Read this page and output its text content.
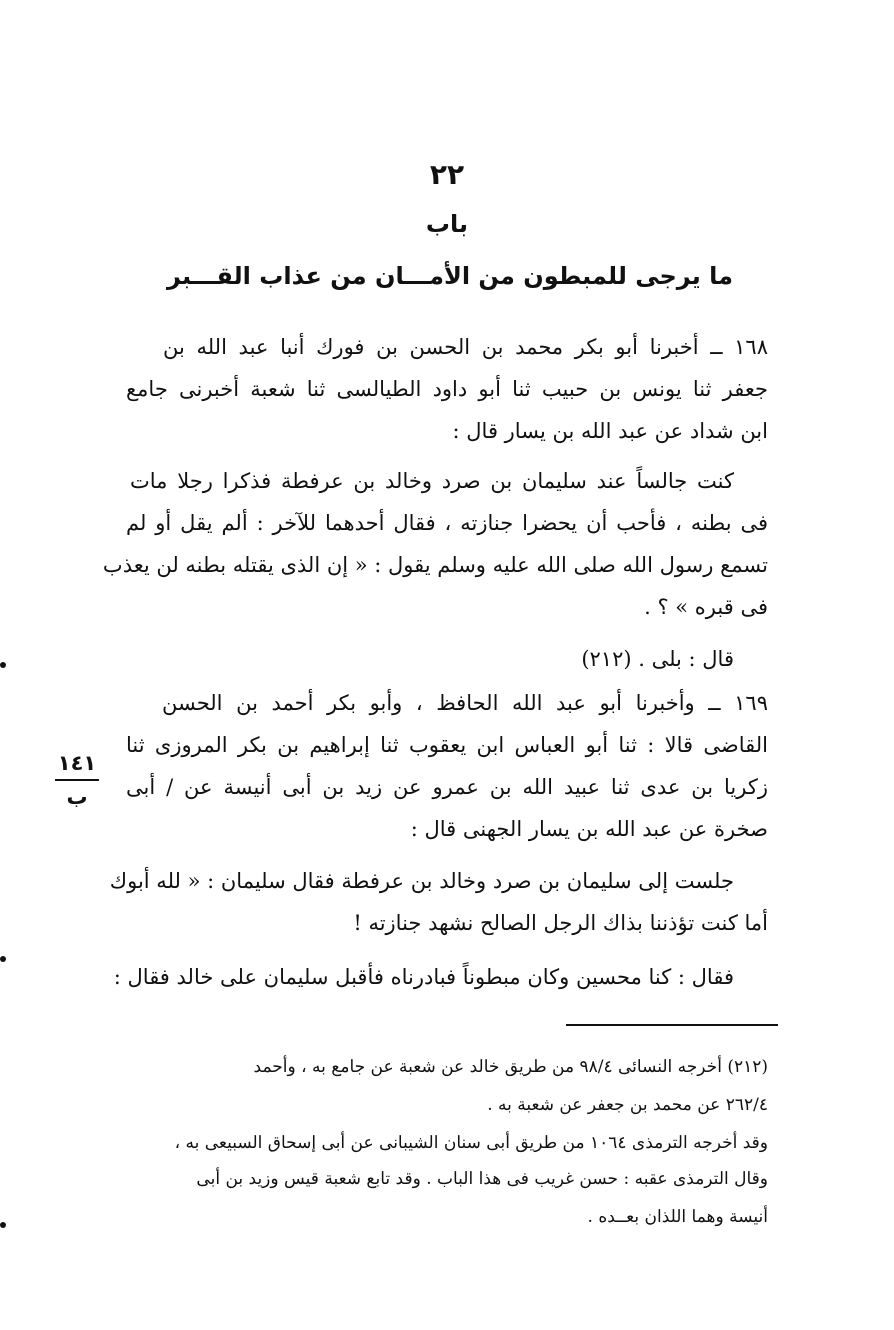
٢٢
باب
ما يرجى للمبطون من الأمـــان من عذاب القـــبر
١٦٨ ــ أخبرنا أبو بكر محمد بن الحسن بن فورك أنبا عبد الله بن
جعفر ثنا يونس بن حبيب ثنا أبو داود الطيالسى ثنا شعبة أخبرنى جامع
ابن شداد عن عبد الله بن يسار قال :
كنت جالساً عند سليمان بن صرد وخالد بن عرفطة فذكرا رجلا مات
فى بطنه ، فأحب أن يحضرا جنازته ، فقال أحدهما للآخر : ألم يقل أو لم
تسمع رسول الله صلى الله عليه وسلم يقول : « إن الذى يقتله بطنه لن يعذب
فى قبره » ؟ .
قال : بلى . (٢١٢)
١٦٩ ــ وأخبرنا أبو عبد الله الحافظ ، وأبو بكر أحمد بن الحسن
القاضى قالا : ثنا أبو العباس ابن يعقوب ثنا إبراهيم بن بكر المروزى ثنا
زكريا بن عدى ثنا عبيد الله بن عمرو عن زيد بن أبى أنيسة عن / أبى
صخرة عن عبد الله بن يسار الجهنى قال :
جلست إلى سليمان بن صرد وخالد بن عرفطة فقال سليمان : « لله أبوك
أما كنت تؤذننا بذاك الرجل الصالح نشهد جنازته !
فقال : كنا محسين وكان مبطوناً فبادرناه فأقبل سليمان على خالد فقال :
١٤١
ب
(٢١٢) أخرجه النسائى ٩٨/٤ من طريق خالد عن شعبة عن جامع به ، وأحمد
٢٦٢/٤ عن محمد بن جعفر عن شعبة به .
وقد أخرجه الترمذى ١٠٦٤ من طريق أبى سنان الشيبانى عن أبى إسحاق السبيعى به ،
وقال الترمذى عقبه : حسن غريب فى هذا الباب . وقد تابع شعبة قيس وزيد بن أبى
أنيسة وهما اللذان بعــده .
